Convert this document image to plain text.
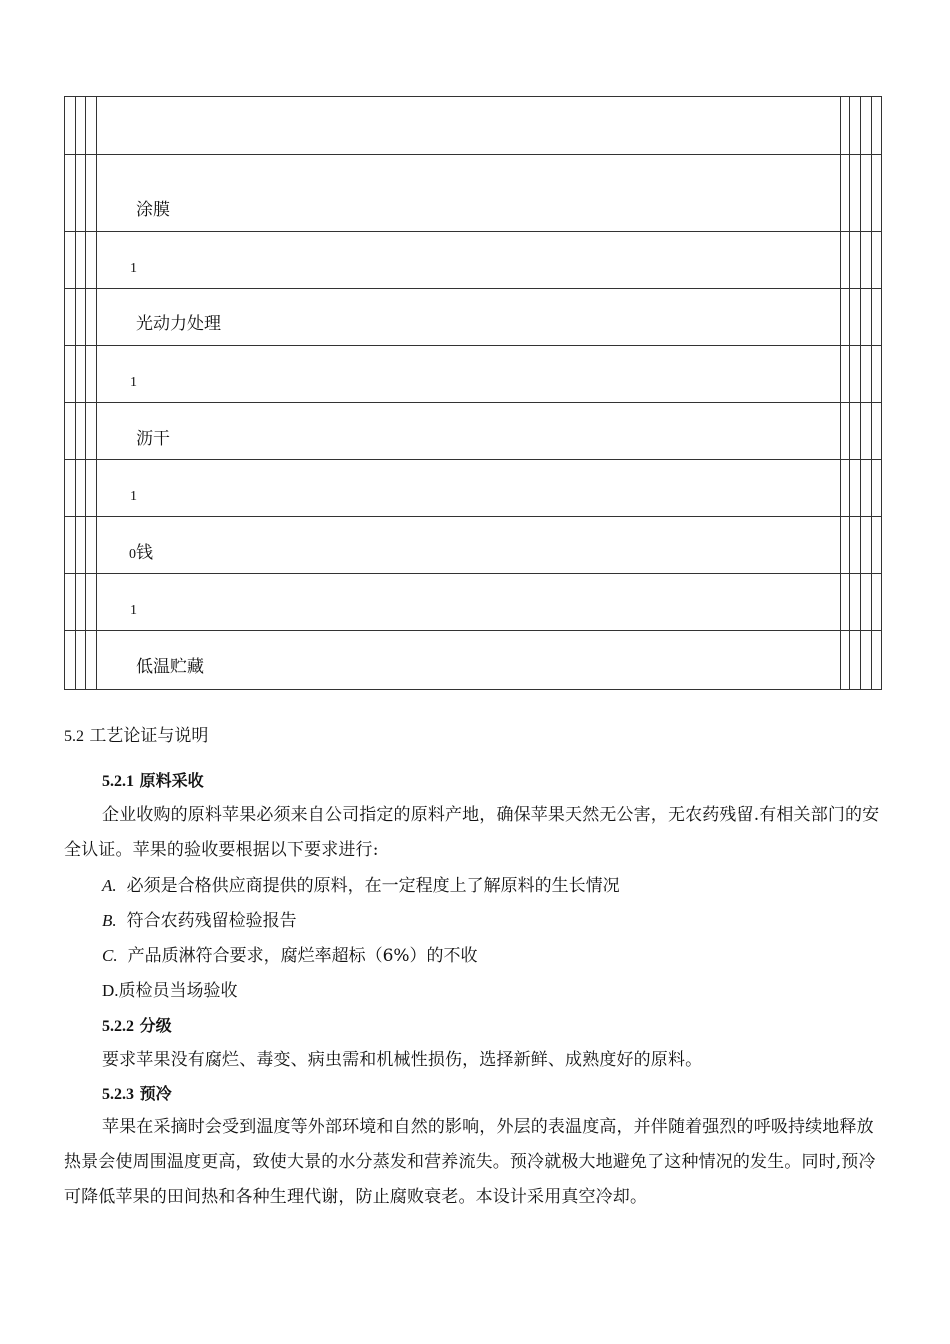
涂膜
1
光动力处理
1
沥干
1
0钱
1
低温贮藏
5.2 工艺论证与说明
5.2.1 原料采收

企业收购的原料苹果必须来自公司指定的原料产地，确保苹果天然无公害，无农药残留.有相关部门的安全认证。苹果的验收要根据以下要求进行:

A. 必须是合格供应商提供的原料，在一定程度上了解原料的生长情况
B. 符合农药残留检验报告
C. 产品质淋符合要求，腐烂率超标（6%）的不收
D.质检员当场验收
5.2.2 分级

要求苹果没有腐烂、毒变、病虫需和机械性损伤，选择新鲜、成熟度好的原料。

5.2.3 预冷

苹果在采摘时会受到温度等外部环境和自然的影响，外层的表温度高，并伴随着强烈的呼吸持续地释放热景会使周围温度更高，致使大景的水分蒸发和营养流失。预冷就极大地避免了这种情况的发生。同时,预冷可降低苹果的田间热和各种生理代谢，防止腐败衰老。本设计采用真空冷却。
